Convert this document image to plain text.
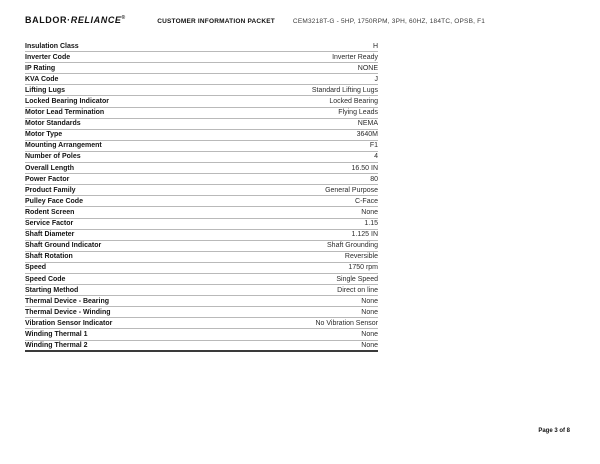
BALDOR·RELIANCE®	CUSTOMER INFORMATION PACKET	CEM3218T-G - 5HP, 1750RPM, 3PH, 60HZ, 184TC, OPSB, F1
Insulation Class	H
Inverter Code	Inverter Ready
IP Rating	NONE
KVA Code	J
Lifting Lugs	Standard Lifting Lugs
Locked Bearing Indicator	Locked Bearing
Motor Lead Termination	Flying Leads
Motor Standards	NEMA
Motor Type	3640M
Mounting Arrangement	F1
Number of Poles	4
Overall Length	16.50 IN
Power Factor	80
Product Family	General Purpose
Pulley Face Code	C-Face
Rodent Screen	None
Service Factor	1.15
Shaft Diameter	1.125 IN
Shaft Ground Indicator	Shaft Grounding
Shaft Rotation	Reversible
Speed	1750 rpm
Speed Code	Single Speed
Starting Method	Direct on line
Thermal Device - Bearing	None
Thermal Device - Winding	None
Vibration Sensor Indicator	No Vibration Sensor
Winding Thermal 1	None
Winding Thermal 2	None
Page 3 of 8
